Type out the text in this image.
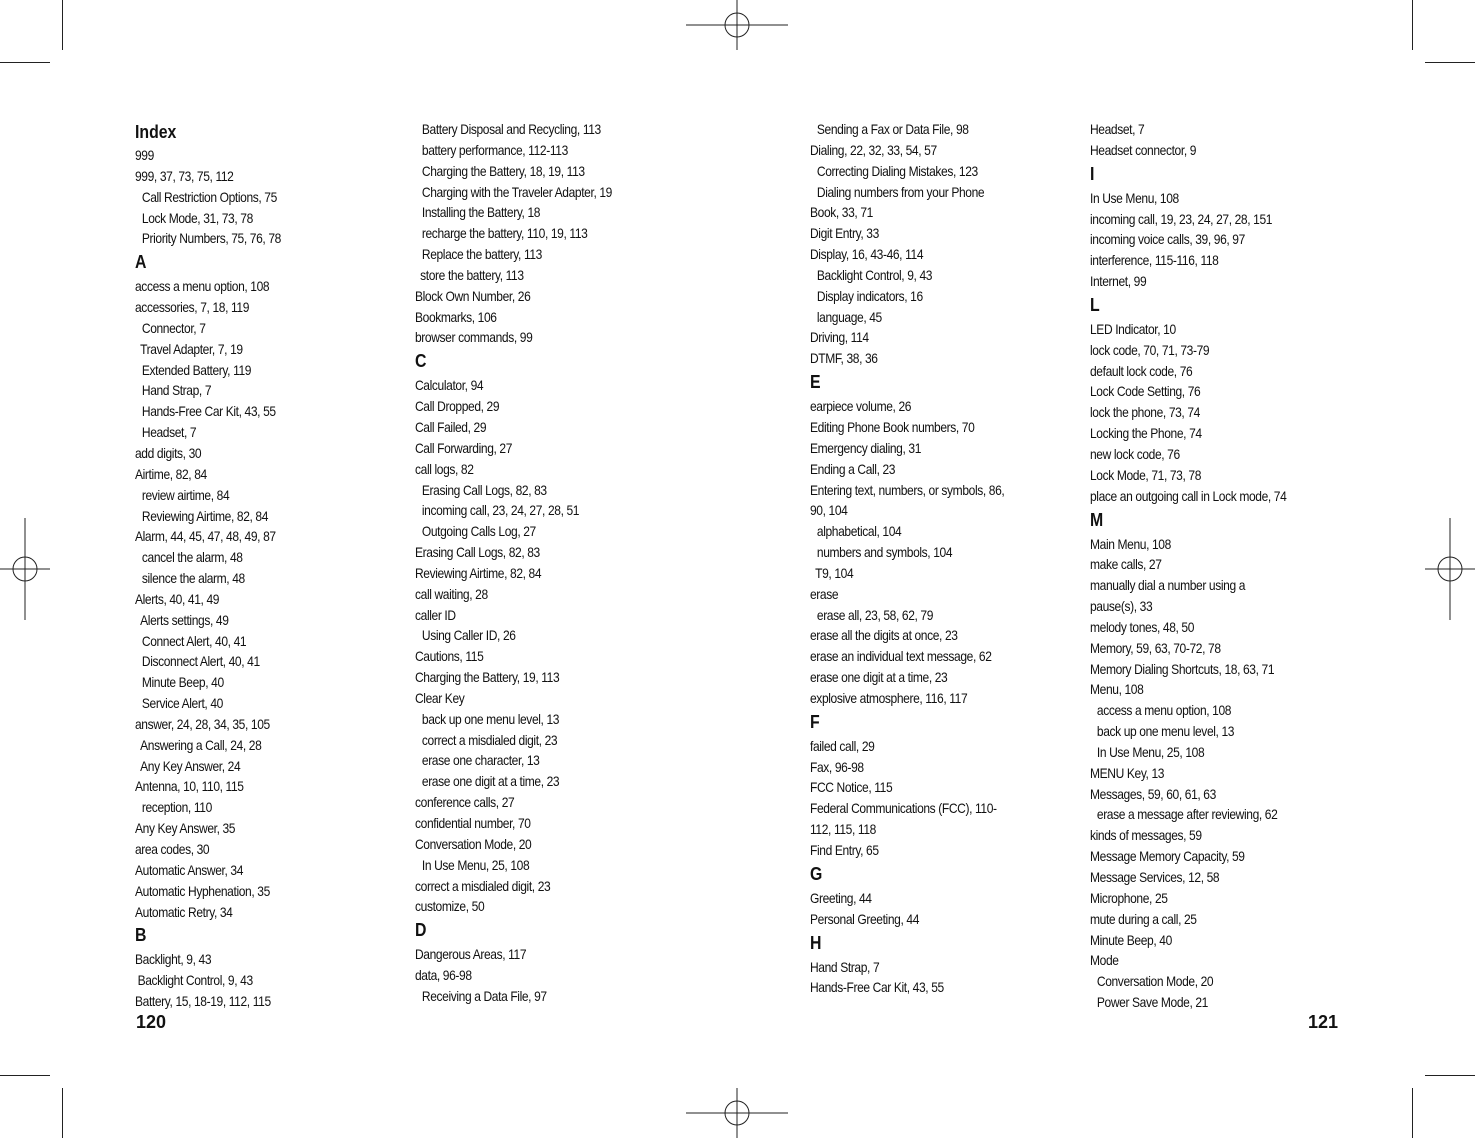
Index
999
999, 37, 73, 75, 112
Call Restriction Options, 75
Lock Mode, 31, 73, 78
Priority Numbers, 75, 76, 78
A
access a menu option, 108
accessories, 7, 18, 119
Connector, 7
Travel Adapter, 7, 19
Extended Battery, 119
Hand Strap, 7
Hands-Free Car Kit, 43, 55
Headset, 7
add digits, 30
Airtime, 82, 84
review airtime, 84
Reviewing Airtime, 82, 84
Alarm, 44, 45, 47, 48, 49, 87
cancel the alarm, 48
silence the alarm, 48
Alerts, 40, 41, 49
Alerts settings, 49
Connect Alert, 40, 41
Disconnect Alert, 40, 41
Minute Beep, 40
Service Alert, 40
answer, 24, 28, 34, 35, 105
Answering a Call, 24, 28
Any Key Answer, 24
Antenna, 10, 110, 115
reception, 110
Any Key Answer, 35
area codes, 30
Automatic Answer, 34
Automatic Hyphenation, 35
Automatic Retry, 34
B
Backlight, 9, 43
Backlight Control, 9, 43
Battery, 15, 18-19, 112, 115
Battery Disposal and Recycling, 113
battery performance, 112-113
Charging the Battery, 18, 19, 113
Charging with the Traveler Adapter, 19
Installing the Battery, 18
recharge the battery, 110, 19, 113
Replace the battery, 113
store the battery, 113
Block Own Number, 26
Bookmarks, 106
browser commands, 99
C
Calculator, 94
Call Dropped, 29
Call Failed, 29
Call Forwarding, 27
call logs, 82
Erasing Call Logs, 82, 83
incoming call, 23, 24, 27, 28, 51
Outgoing Calls Log, 27
Erasing Call Logs, 82, 83
Reviewing Airtime, 82, 84
call waiting, 28
caller ID
Using Caller ID, 26
Cautions, 115
Charging the Battery, 19, 113
Clear Key
back up one menu level, 13
correct a misdialed digit, 23
erase one character, 13
erase one digit at a time, 23
conference calls, 27
confidential number, 70
Conversation Mode, 20
In Use Menu, 25, 108
correct a misdialed digit, 23
customize, 50
D
Dangerous Areas, 117
data, 96-98
Receiving a Data File, 97
Sending a Fax or Data File, 98
Dialing, 22, 32, 33, 54, 57
Correcting Dialing Mistakes, 123
Dialing numbers from your Phone
Book, 33, 71
Digit Entry, 33
Display, 16, 43-46, 114
Backlight Control, 9, 43
Display indicators, 16
language, 45
Driving, 114
DTMF, 38, 36
E
earpiece volume, 26
Editing Phone Book numbers, 70
Emergency dialing, 31
Ending a Call, 23
Entering text, numbers, or symbols, 86,
90, 104
alphabetical, 104
numbers and symbols, 104
T9, 104
erase
erase all, 23, 58, 62, 79
erase all the digits at once, 23
erase an individual text message, 62
erase one digit at a time, 23
explosive atmosphere, 116, 117
F
failed call, 29
Fax, 96-98
FCC Notice, 115
Federal Communications (FCC), 110-
112, 115, 118
Find Entry, 65
G
Greeting, 44
Personal Greeting, 44
H
Hand Strap, 7
Hands-Free Car Kit, 43, 55
Headset, 7
Headset connector, 9
I
In Use Menu, 108
incoming call, 19, 23, 24, 27, 28, 151
incoming voice calls, 39, 96, 97
interference, 115-116, 118
Internet, 99
L
LED Indicator, 10
lock code, 70, 71, 73-79
default lock code, 76
Lock Code Setting, 76
lock the phone, 73, 74
Locking the Phone, 74
new lock code, 76
Lock Mode, 71, 73, 78
place an outgoing call in Lock mode, 74
M
Main Menu, 108
make calls, 27
manually dial a number using a
pause(s), 33
melody tones, 48, 50
Memory, 59, 63, 70-72, 78
Memory Dialing Shortcuts, 18, 63, 71
Menu, 108
access a menu option, 108
back up one menu level, 13
In Use Menu, 25, 108
MENU Key, 13
Messages, 59, 60, 61, 63
erase a message after reviewing, 62
kinds of messages, 59
Message Memory Capacity, 59
Message Services, 12, 58
Microphone, 25
mute during a call, 25
Minute Beep, 40
Mode
Conversation Mode, 20
Power Save Mode, 21
120	121
